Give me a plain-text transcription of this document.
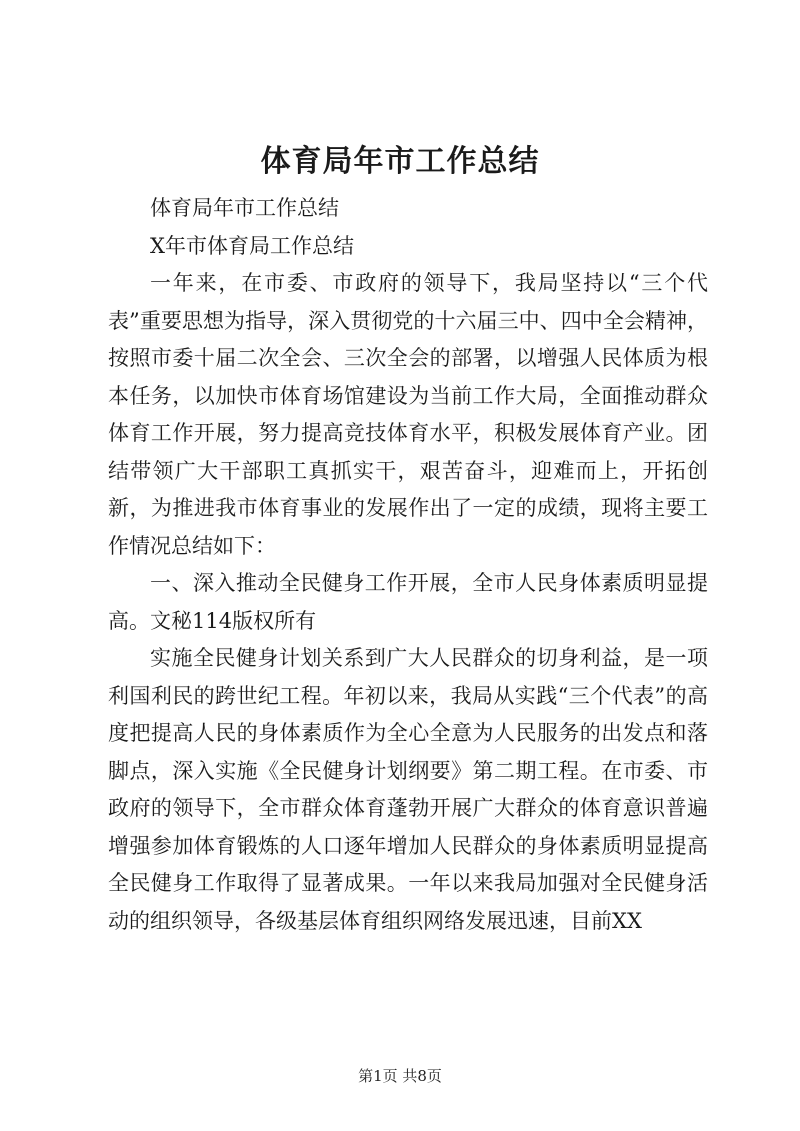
体育局年市工作总结

体育局年市工作总结

X年市体育局工作总结

一年来，在市委、市政府的领导下，我局坚持以“三个代表”重要思想为指导，深入贯彻党的十六届三中、四中全会精神，按照市委十届二次全会、三次全会的部署，以增强人民体质为根本任务，以加快市体育场馆建设为当前工作大局，全面推动群众体育工作开展，努力提高竞技体育水平，积极发展体育产业。团结带领广大干部职工真抓实干，艰苦奋斗，迎难而上，开拓创新，为推进我市体育事业的发展作出了一定的成绩，现将主要工作情况总结如下：

一、深入推动全民健身工作开展，全市人民身体素质明显提高。文秘114版权所有

实施全民健身计划关系到广大人民群众的切身利益，是一项利国利民的跨世纪工程。年初以来，我局从实践“三个代表”的高度把提高人民的身体素质作为全心全意为人民服务的出发点和落脚点，深入实施《全民健身计划纲要》第二期工程。在市委、市政府的领导下，全市群众体育蓬勃开展广大群众的体育意识普遍增强参加体育锻炼的人口逐年增加人民群众的身体素质明显提高全民健身工作取得了显著成果。一年以来我局加强对全民健身活动的组织领导，各级基层体育组织网络发展迅速，目前XX

第1页 共8页
